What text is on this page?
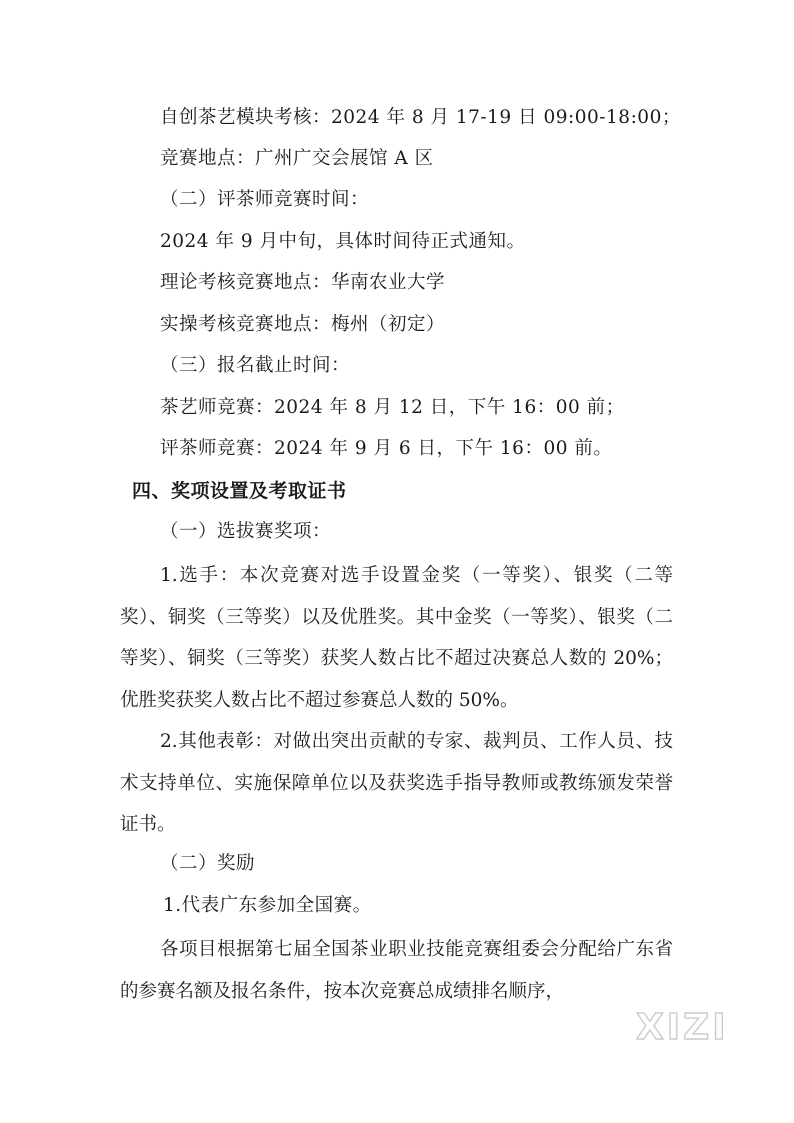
自创茶艺模块考核：2024 年 8 月 17-19 日 09:00-18:00；
竞赛地点：广州广交会展馆 A 区
（二）评茶师竞赛时间：
2024 年 9 月中旬，具体时间待正式通知。
理论考核竞赛地点：华南农业大学
实操考核竞赛地点：梅州（初定）
（三）报名截止时间：
茶艺师竞赛：2024 年 8 月 12 日，下午 16：00 前；
评茶师竞赛：2024 年 9 月 6 日，下午 16：00 前。
四、奖项设置及考取证书
（一）选拔赛奖项：
1.选手：本次竞赛对选手设置金奖（一等奖）、银奖（二等奖）、铜奖（三等奖）以及优胜奖。其中金奖（一等奖）、银奖（二等奖）、铜奖（三等奖）获奖人数占比不超过决赛总人数的 20%；优胜奖获奖人数占比不超过参赛总人数的 50%。
2.其他表彰：对做出突出贡献的专家、裁判员、工作人员、技术支持单位、实施保障单位以及获奖选手指导教师或教练颁发荣誉证书。
（二）奖励
1.代表广东参加全国赛。
各项目根据第七届全国茶业职业技能竞赛组委会分配给广东省的参赛名额及报名条件，按本次竞赛总成绩排名顺序，
XIZI
